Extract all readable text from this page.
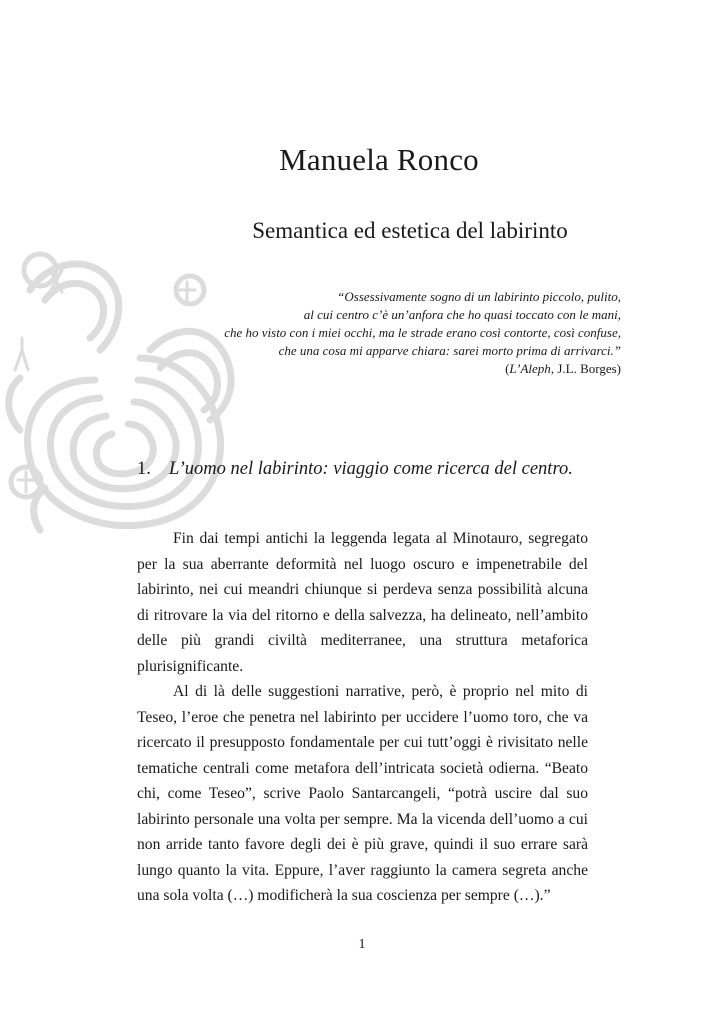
Manuela Ronco
Semantica ed estetica del labirinto
“Ossessivamente sogno di un labirinto piccolo, pulito,
al cui centro c’è un’anfora che ho quasi toccato con le mani,
che ho visto con i miei occhi, ma le strade erano così contorte, così confuse,
che una cosa mi apparve chiara: sarei morto prima di arrivarci.”
(L’Aleph, J.L. Borges)
1. L’uomo nel labirinto: viaggio come ricerca del centro.

Fin dai tempi antichi la leggenda legata al Minotauro, segregato per la sua aberrante deformità nel luogo oscuro e impenetrabile del labirinto, nei cui meandri chiunque si perdeva senza possibilità alcuna di ritrovare la via del ritorno e della salvezza, ha delineato, nell’ambito delle più grandi civiltà mediterranee, una struttura metaforica plurisignificante.

Al di là delle suggestioni narrative, però, è proprio nel mito di Teseo, l’eroe che penetra nel labirinto per uccidere l’uomo toro, che va ricercato il presupposto fondamentale per cui tutt’oggi è rivisitato nelle tematiche centrali come metafora dell’intricata società odierna. “Beato chi, come Teseo”, scrive Paolo Santarcangeli, “potrà uscire dal suo labirinto personale una volta per sempre. Ma la vicenda dell’uomo a cui non arride tanto favore degli dei è più grave, quindi il suo errare sarà lungo quanto la vita. Eppure, l’aver raggiunto la camera segreta anche una sola volta (…) modificherà la sua coscienza per sempre (…).”

1
